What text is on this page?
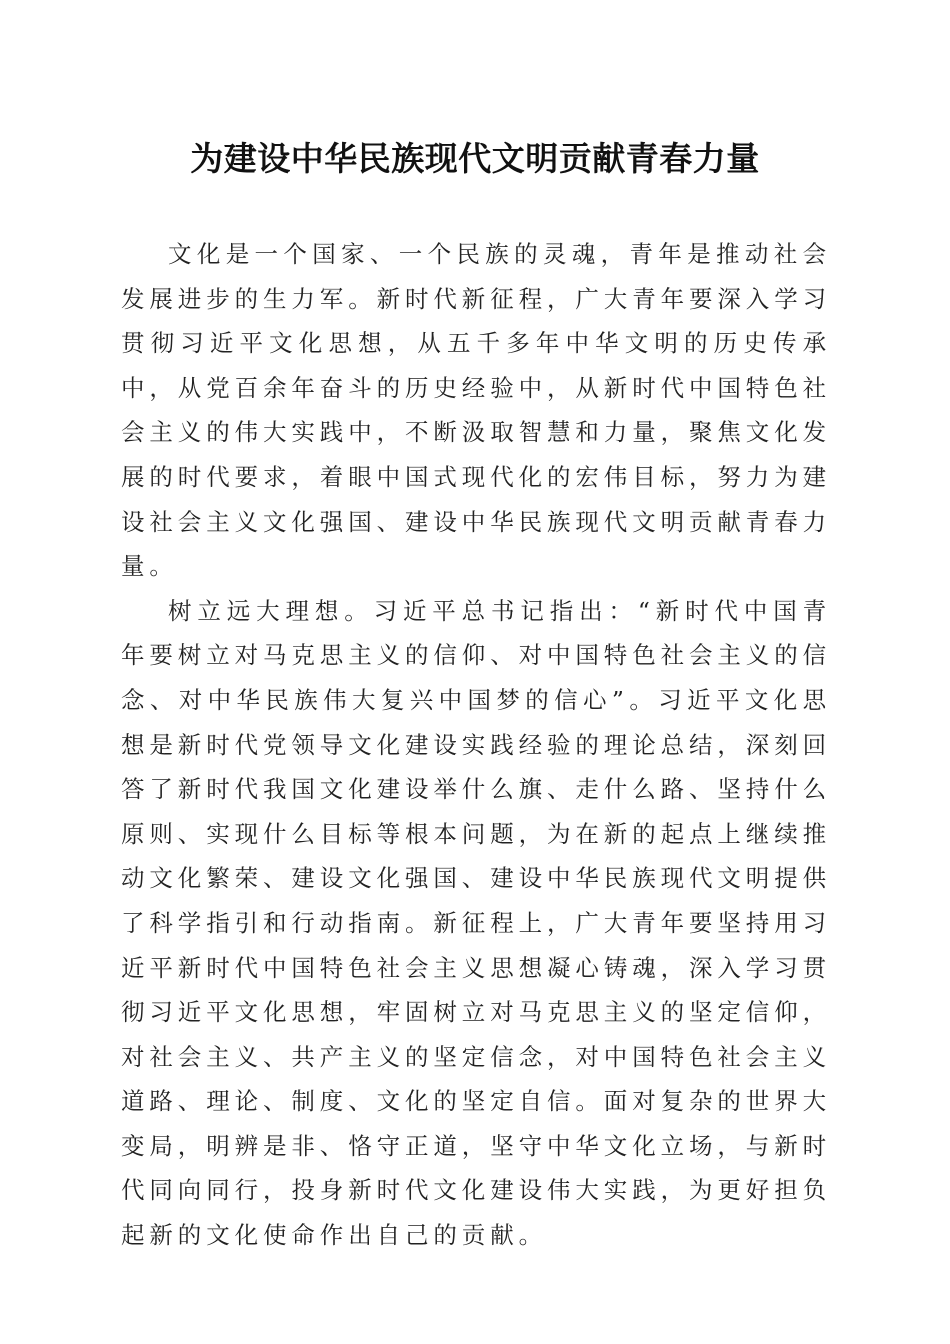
为建设中华民族现代文明贡献青春力量

文化是一个国家、一个民族的灵魂，青年是推动社会发展进步的生力军。新时代新征程，广大青年要深入学习贯彻习近平文化思想，从五千多年中华文明的历史传承中，从党百余年奋斗的历史经验中，从新时代中国特色社会主义的伟大实践中，不断汲取智慧和力量，聚焦文化发展的时代要求，着眼中国式现代化的宏伟目标，努力为建设社会主义文化强国、建设中华民族现代文明贡献青春力量。

树立远大理想。习近平总书记指出：“新时代中国青年要树立对马克思主义的信仰、对中国特色社会主义的信念、对中华民族伟大复兴中国梦的信心”。习近平文化思想是新时代党领导文化建设实践经验的理论总结，深刻回答了新时代我国文化建设举什么旗、走什么路、坚持什么原则、实现什么目标等根本问题，为在新的起点上继续推动文化繁荣、建设文化强国、建设中华民族现代文明提供了科学指引和行动指南。新征程上，广大青年要坚持用习近平新时代中国特色社会主义思想凝心铸魂，深入学习贯彻习近平文化思想，牢固树立对马克思主义的坚定信仰，对社会主义、共产主义的坚定信念，对中国特色社会主义道路、理论、制度、文化的坚定自信。面对复杂的世界大变局，明辨是非、恪守正道，坚守中华文化立场，与新时代同向同行，投身新时代文化建设伟大实践，为更好担负起新的文化使命作出自己的贡献。
